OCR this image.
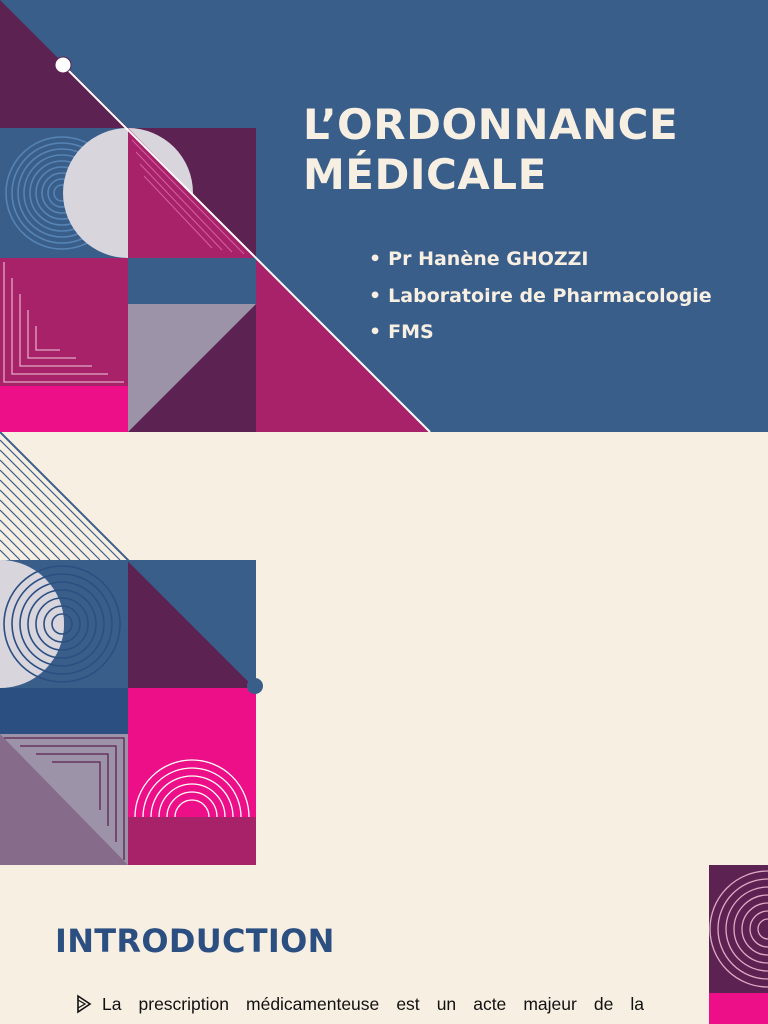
L’ORDONNANCE
MÉDICALE
• Pr Hanène GHOZZI
• Laboratoire de Pharmacologie
• FMS
INTRODUCTION
La prescription médicamenteuse est un acte majeur de la
